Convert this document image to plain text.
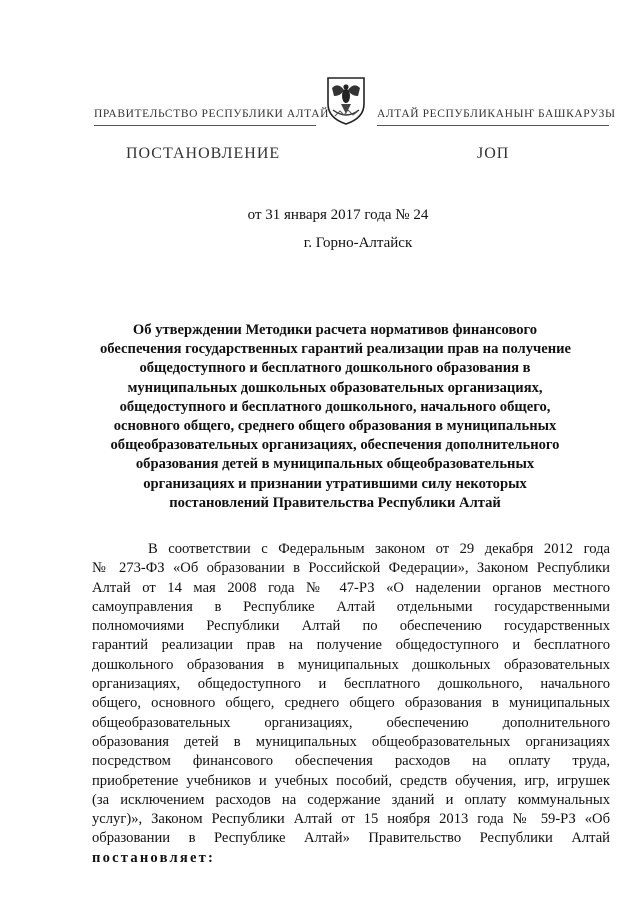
ПРАВИТЕЛЬСТВО РЕСПУБЛИКИ АЛТАЙ	АЛТАЙ РЕСПУБЛИКАНЫҤ БАШКАРУЗЫ
ПОСТАНОВЛЕНИЕ	ЈОП
от 31 января 2017 года № 24
г. Горно-Алтайск
Об утверждении Методики расчета нормативов финансового
обеспечения государственных гарантий реализации прав на получение
общедоступного и бесплатного дошкольного образования в
муниципальных дошкольных образовательных организациях,
общедоступного и бесплатного дошкольного, начального общего,
основного общего, среднего общего образования в муниципальных
общеобразовательных организациях, обеспечения дополнительного
образования детей в муниципальных общеобразовательных
организациях и признании утратившими силу некоторых
постановлений Правительства Республики Алтай
В соответствии с Федеральным законом от 29 декабря 2012 года
№ 273-ФЗ «Об образовании в Российской Федерации», Законом Республики
Алтай от 14 мая 2008 года № 47-РЗ «О наделении органов местного
самоуправления в Республике Алтай отдельными государственными
полномочиями Республики Алтай по обеспечению государственных
гарантий реализации прав на получение общедоступного и бесплатного
дошкольного образования в муниципальных дошкольных образовательных
организациях, общедоступного и бесплатного дошкольного, начального
общего, основного общего, среднего общего образования в муниципальных
общеобразовательных организациях, обеспечению дополнительного
образования детей в муниципальных общеобразовательных организациях
посредством финансового обеспечения расходов на оплату труда,
приобретение учебников и учебных пособий, средств обучения, игр, игрушек
(за исключением расходов на содержание зданий и оплату коммунальных
услуг)», Законом Республики Алтай от 15 ноября 2013 года № 59-РЗ «Об
образовании в Республике Алтай» Правительство Республики Алтай
постановляет:
